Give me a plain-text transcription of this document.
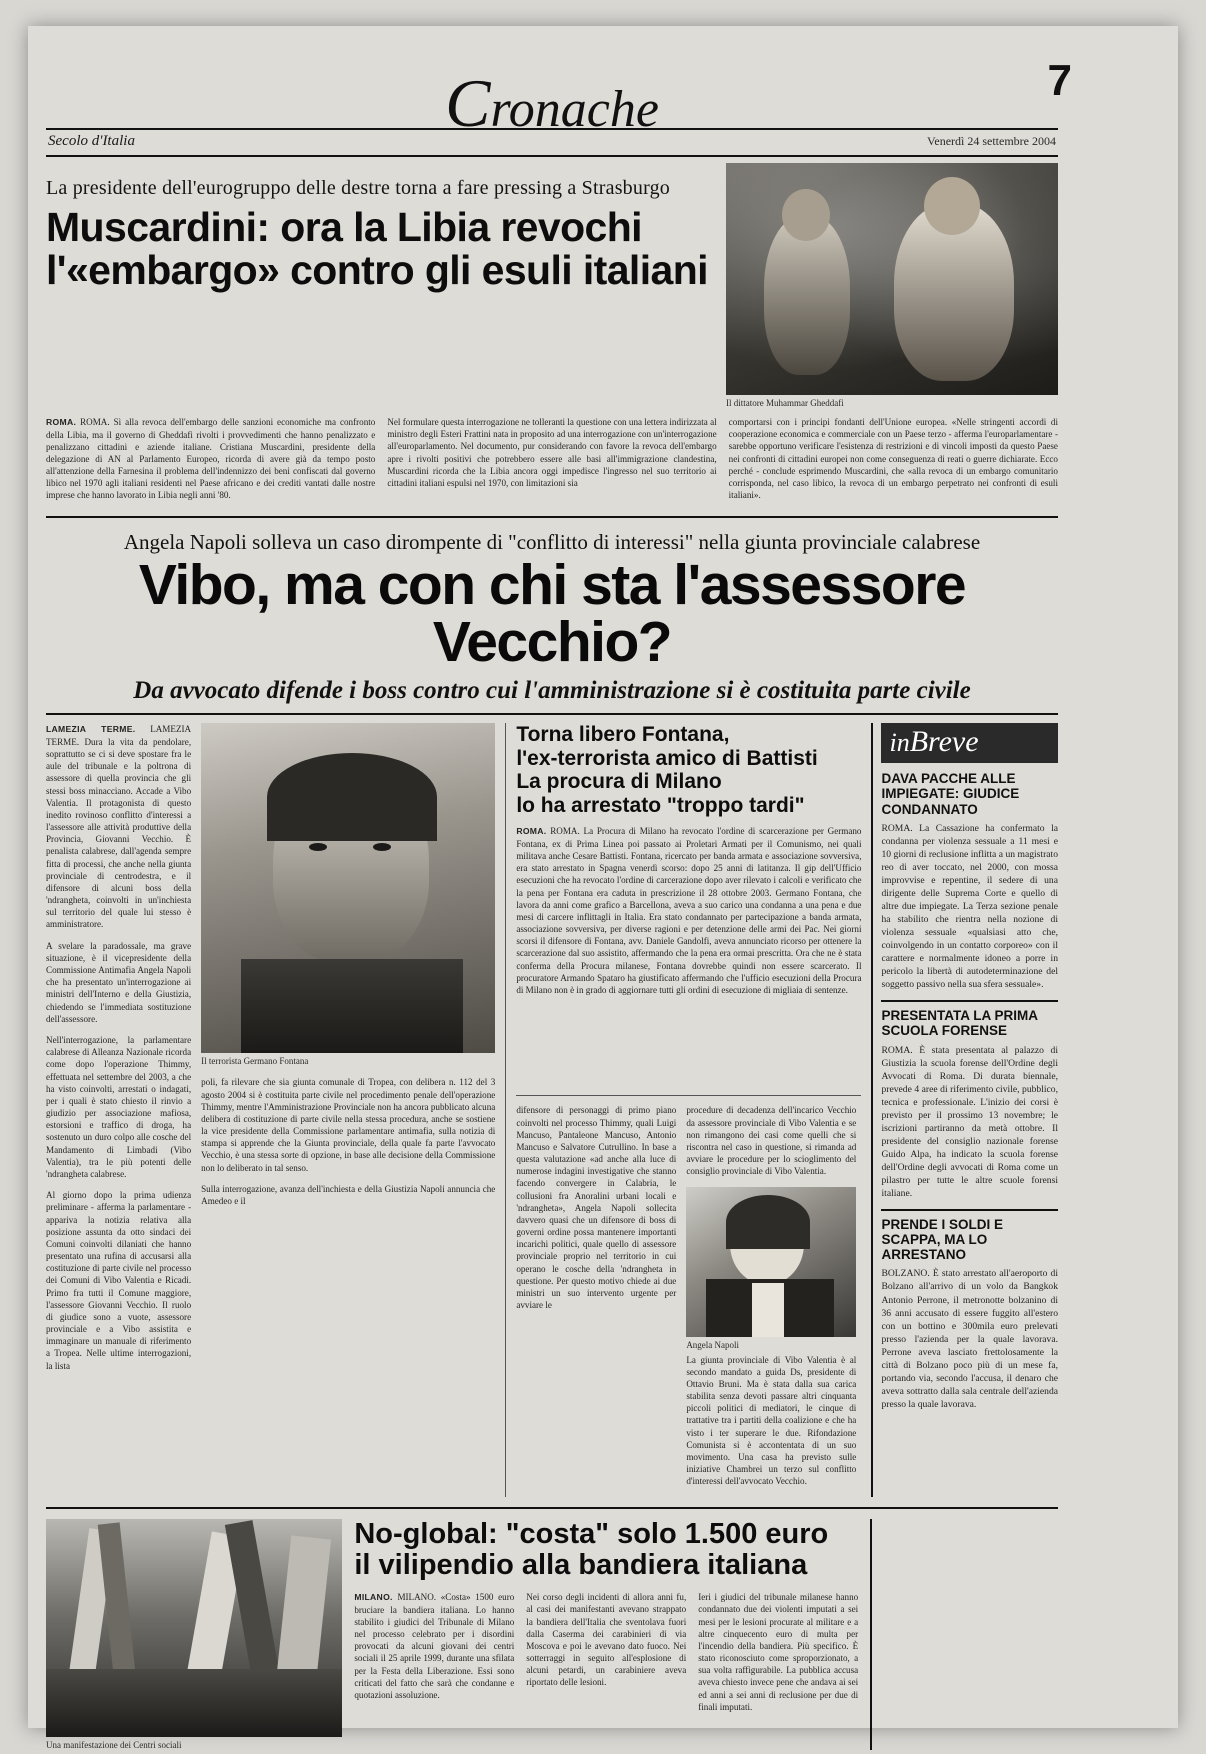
Cronache
7
Secolo d'Italia	Venerdì 24 settembre 2004
La presidente dell'eurogruppo delle destre torna a fare pressing a Strasburgo
Muscardini: ora la Libia revochi
l'«embargo» contro gli esuli italiani
Il dittatore Muhammar Gheddafi

ROMA. ROMA. Sì alla revoca dell'embargo delle sanzioni economiche ma confronto della Libia, ma il governo di Gheddafi rivolti i provvedimenti che hanno penalizzato e penalizzano cittadini e aziende italiane. Cristiana Muscardini, presidente della delegazione di AN al Parlamento Europeo, ricorda di avere già da tempo posto all'attenzione della Farnesina il problema dell'indennizzo dei beni confiscati dal governo libico nel 1970 agli italiani residenti nel Paese africano e dei crediti vantati dalle nostre imprese che hanno lavorato in Libia negli anni '80.

Nel formulare questa interrogazione ne tolleranti la questione con una lettera indirizzata al ministro degli Esteri Frattini nata in proposito ad una interrogazione con un'interrogazione all'europarlamento. Nel documento, pur considerando con favore la revoca dell'embargo apre i rivolti positivi che potrebbero essere alle basi all'immigrazione clandestina, Muscardini ricorda che la Libia ancora oggi impedisce l'ingresso nel suo territorio ai cittadini italiani espulsi nel 1970, con limitazioni sia

comportarsi con i principi fondanti dell'Unione europea. «Nelle stringenti accordi di cooperazione economica e commerciale con un Paese terzo - afferma l'europarlamentare - sarebbe opportuno verificare l'esistenza di restrizioni e di vincoli imposti da questo Paese nei confronti di cittadini europei non come conseguenza di reati o guerre dichiarate. Ecco perché - conclude esprimendo Muscardini, che «alla revoca di un embargo comunitario corrisponda, nel caso libico, la revoca di un embargo perpetrato nei confronti di esuli italiani».

Angela Napoli solleva un caso dirompente di "conflitto di interessi" nella giunta provinciale calabrese
Vibo, ma con chi sta l'assessore Vecchio?
Da avvocato difende i boss contro cui l'amministrazione si è costituita parte civile

LAMEZIA TERME. LAMEZIA TERME. Dura la vita da pendolare, soprattutto se ci si deve spostare fra le aule del tribunale e la poltrona di assessore di quella provincia che gli stessi boss minacciano. Accade a Vibo Valentia. Il protagonista di questo inedito rovinoso conflitto d'interessi a l'assessore alle attività produttive della Provincia, Giovanni Vecchio. È penalista calabrese, dall'agenda sempre fitta di processi, che anche nella giunta provinciale di centrodestra, e il difensore di alcuni boss della 'ndrangheta, coinvolti in un'inchiesta sul territorio del quale lui stesso è amministratore.

A svelare la paradossale, ma grave situazione, è il vicepresidente della Commissione Antimafia Angela Napoli che ha presentato un'interrogazione ai ministri dell'Interno e della Giustizia, chiedendo se l'immediata sostituzione dell'assessore.

Nell'interrogazione, la parlamentare calabrese di Alleanza Nazionale ricorda come dopo l'operazione Thimmy, effettuata nel settembre del 2003, a che ha visto coinvolti, arrestati o indagati, per i quali è stato chiesto il rinvio a giudizio per associazione mafiosa, estorsioni e traffico di droga, ha sostenuto un duro colpo alle cosche del Mandamento di Limbadi (Vibo Valentia), tra le più potenti delle 'ndrangheta calabrese.

Al giorno dopo la prima udienza preliminare - afferma la parlamentare - appariva la notizia relativa alla posizione assunta da otto sindaci dei Comuni coinvolti dilaniati che hanno presentato una rufina di accusarsi alla costituzione di parte civile nel processo dei Comuni di Vibo Valentia e Ricadi. Primo fra tutti il Comune maggiore, l'assessore Giovanni Vecchio. Il ruolo di giudice sono a vuote, assessore provinciale e a Vibo assistita e immaginare un manuale di riferimento a Tropea. Nelle ultime interrogazioni, la lista

Il terrorista Germano Fontana

poli, fa rilevare che sia giunta comunale di Tropea, con delibera n. 112 del 3 agosto 2004 si è costituita parte civile nel procedimento penale dell'operazione Thimmy, mentre l'Amministrazione Provinciale non ha ancora pubblicato alcuna delibera di costituzione di parte civile nella stessa procedura, anche se sostiene la vice presidente della Commissione parlamentare antimafia, sulla notizia di stampa si apprende che la Giunta provinciale, della quale fa parte l'avvocato Vecchio, è una stessa sorte di opzione, in base alle decisione della Commissione non lo deliberato in tal senso.

Sulla interrogazione, avanza dell'inchiesta e della Giustizia Napoli annuncia che Amedeo e il

Torna libero Fontana,
l'ex-terrorista amico di Battisti
La procura di Milano
lo ha arrestato "troppo tardi"

ROMA. ROMA. La Procura di Milano ha revocato l'ordine di scarcerazione per Germano Fontana, ex di Prima Linea poi passato ai Proletari Armati per il Comunismo, nei quali militava anche Cesare Battisti. Fontana, ricercato per banda armata e associazione sovversiva, era stato arrestato in Spagna venerdì scorso: dopo 25 anni di latitanza. Il gip dell'Ufficio esecuzioni che ha revocato l'ordine di carcerazione dopo aver rilevato i calcoli e verificato che la pena per Fontana era caduta in prescrizione il 28 ottobre 2003. Germano Fontana, che lavora da anni come grafico a Barcellona, aveva a suo carico una condanna a una pena e due mesi di carcere inflittagli in Italia. Era stato condannato per partecipazione a banda armata, associazione sovversiva, per diverse ragioni e per detenzione delle armi dei Pac. Nei giorni scorsi il difensore di Fontana, avv. Daniele Gandolfi, aveva annunciato ricorso per ottenere la scarcerazione dal suo assistito, affermando che la pena era ormai prescritta. Ora che ne è stata conferma della Procura milanese, Fontana dovrebbe quindi non essere scarcerato. Il procuratore Armando Spataro ha giustificato affermando che l'ufficio esecuzioni della Procura di Milano non è in grado di aggiornare tutti gli ordini di esecuzione di migliaia di sentenze.

difensore di personaggi di primo piano coinvolti nel processo Thimmy, quali Luigi Mancuso, Pantaleone Mancuso, Antonio Mancuso e Salvatore Cutrullino. In base a questa valutazione «ad anche alla luce di numerose indagini investigative che stanno facendo convergere in Calabria, le collusioni fra Anoralini urbani locali e 'ndrangheta», Angela Napoli sollecita davvero quasi che un difensore di boss di governi ordine possa mantenere importanti incarichi politici, quale quello di assessore provinciale proprio nel territorio in cui operano le cosche della 'ndrangheta in questione. Per questo motivo chiede ai due ministri un suo intervento urgente per avviare le

procedure di decadenza dell'incarico Vecchio da assessore provinciale di Vibo Valentia e se non rimangono dei casi come quelli che si riscontra nel caso in questione, si rimanda ad avviare le procedure per lo scioglimento del consiglio provinciale di Vibo Valentia.

Angela Napoli

La giunta provinciale di Vibo Valentia è al secondo mandato a guida Ds, presidente di Ottavio Bruni. Ma è stata dalla sua carica stabilita senza devoti passare altri cinquanta piccoli politici di mediatori, le cinque di trattative tra i partiti della coalizione e che ha visto i ter superare le due. Rifondazione Comunista si è accontentata di un suo movimento. Una casa ha previsto sulle iniziative Chambrei un terzo sul conflitto d'interessi dell'avvocato Vecchio.

inBreve
DAVA PACCHE ALLE IMPIEGATE: GIUDICE CONDANNATO
ROMA. La Cassazione ha confermato la condanna per violenza sessuale a 11 mesi e 10 giorni di reclusione inflitta a un magistrato reo di aver toccato, nel 2000, con mossa improvvise e repentine, il sedere di una dirigente delle Suprema Corte e quello di altre due impiegate. La Terza sezione penale ha stabilito che rientra nella nozione di violenza sessuale «qualsiasi atto che, coinvolgendo in un contatto corporeo» con il carattere e normalmente idoneo a porre in pericolo la libertà di autodeterminazione del soggetto passivo nella sua sfera sessuale».
PRESENTATA LA PRIMA SCUOLA FORENSE
ROMA. È stata presentata al palazzo di Giustizia la scuola forense dell'Ordine degli Avvocati di Roma. Di durata biennale, prevede 4 aree di riferimento civile, pubblico, tecnica e professionale. L'inizio dei corsi è previsto per il prossimo 13 novembre; le iscrizioni partiranno da metà ottobre. Il presidente del consiglio nazionale forense Guido Alpa, ha indicato la scuola forense dell'Ordine degli avvocati di Roma come un pilastro per tutte le altre scuole forensi italiane.
PRENDE I SOLDI E SCAPPA, MA LO ARRESTANO
BOLZANO. È stato arrestato all'aeroporto di Bolzano all'arrivo di un volo da Bangkok Antonio Perrone, il metronotte bolzanino di 36 anni accusato di essere fuggito all'estero con un bottino e 300mila euro prelevati presso l'azienda per la quale lavorava. Perrone aveva lasciato frettolosamente la città di Bolzano poco più di un mese fa, portando via, secondo l'accusa, il denaro che aveva sottratto dalla sala centrale dell'azienda presso la quale lavorava.
Una manifestazione dei Centri sociali
No-global: "costa" solo 1.500 euro
il vilipendio alla bandiera italiana

MILANO. MILANO. «Costa» 1500 euro bruciare la bandiera italiana. Lo hanno stabilito i giudici del Tribunale di Milano nel processo celebrato per i disordini provocati da alcuni giovani dei centri sociali il 25 aprile 1999, durante una sfilata per la Festa della Liberazione. Essi sono criticati del fatto che sarà che condanne e quotazioni assoluzione.

Nei corso degli incidenti di allora anni fu, al casi dei manifestanti avevano strappato la bandiera dell'Italia che sventolava fuori dalla Caserma dei carabinieri di via Moscova e poi le avevano dato fuoco. Nei sotterraggi in seguito all'esplosione di alcuni petardi, un carabiniere aveva riportato delle lesioni.

Ieri i giudici del tribunale milanese hanno condannato due dei violenti imputati a sei mesi per le lesioni procurate al militare e a altre cinquecento euro di multa per l'incendio della bandiera. Più specifico. È stato riconosciuto come sproporzionato, a sua volta raffigurabile. La pubblica accusa aveva chiesto invece pene che andava ai sei ed anni a sei anni di reclusione per due di finali imputati.
